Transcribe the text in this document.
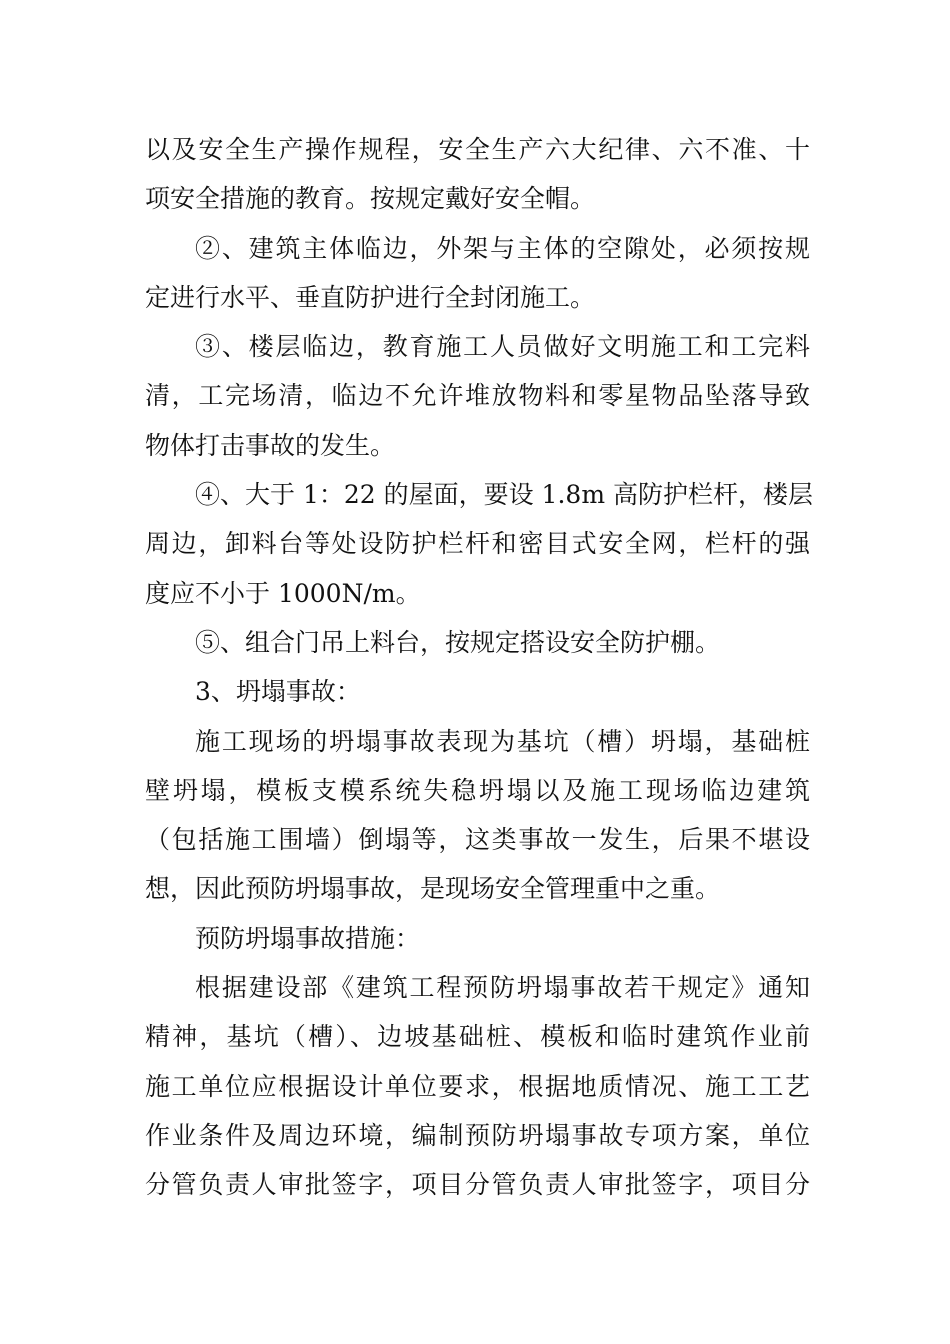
以及安全生产操作规程，安全生产六大纪律、六不准、十
项安全措施的教育。按规定戴好安全帽。
②、建筑主体临边，外架与主体的空隙处，必须按规
定进行水平、垂直防护进行全封闭施工。
③、楼层临边，教育施工人员做好文明施工和工完料
清，工完场清，临边不允许堆放物料和零星物品坠落导致
物体打击事故的发生。
④、大于 1：22 的屋面，要设 1.8m 高防护栏杆，楼层
周边，卸料台等处设防护栏杆和密目式安全网，栏杆的强
度应不小于 1000N/m。
⑤、组合门吊上料台，按规定搭设安全防护棚。
3、坍塌事故：
施工现场的坍塌事故表现为基坑（槽）坍塌，基础桩
壁坍塌，模板支模系统失稳坍塌以及施工现场临边建筑
（包括施工围墙）倒塌等，这类事故一发生，后果不堪设
想，因此预防坍塌事故，是现场安全管理重中之重。
预防坍塌事故措施：
根据建设部《建筑工程预防坍塌事故若干规定》通知
精神，基坑（槽）、边坡基础桩、模板和临时建筑作业前
施工单位应根据设计单位要求，根据地质情况、施工工艺
作业条件及周边环境，编制预防坍塌事故专项方案，单位
分管负责人审批签字，项目分管负责人审批签字，项目分
